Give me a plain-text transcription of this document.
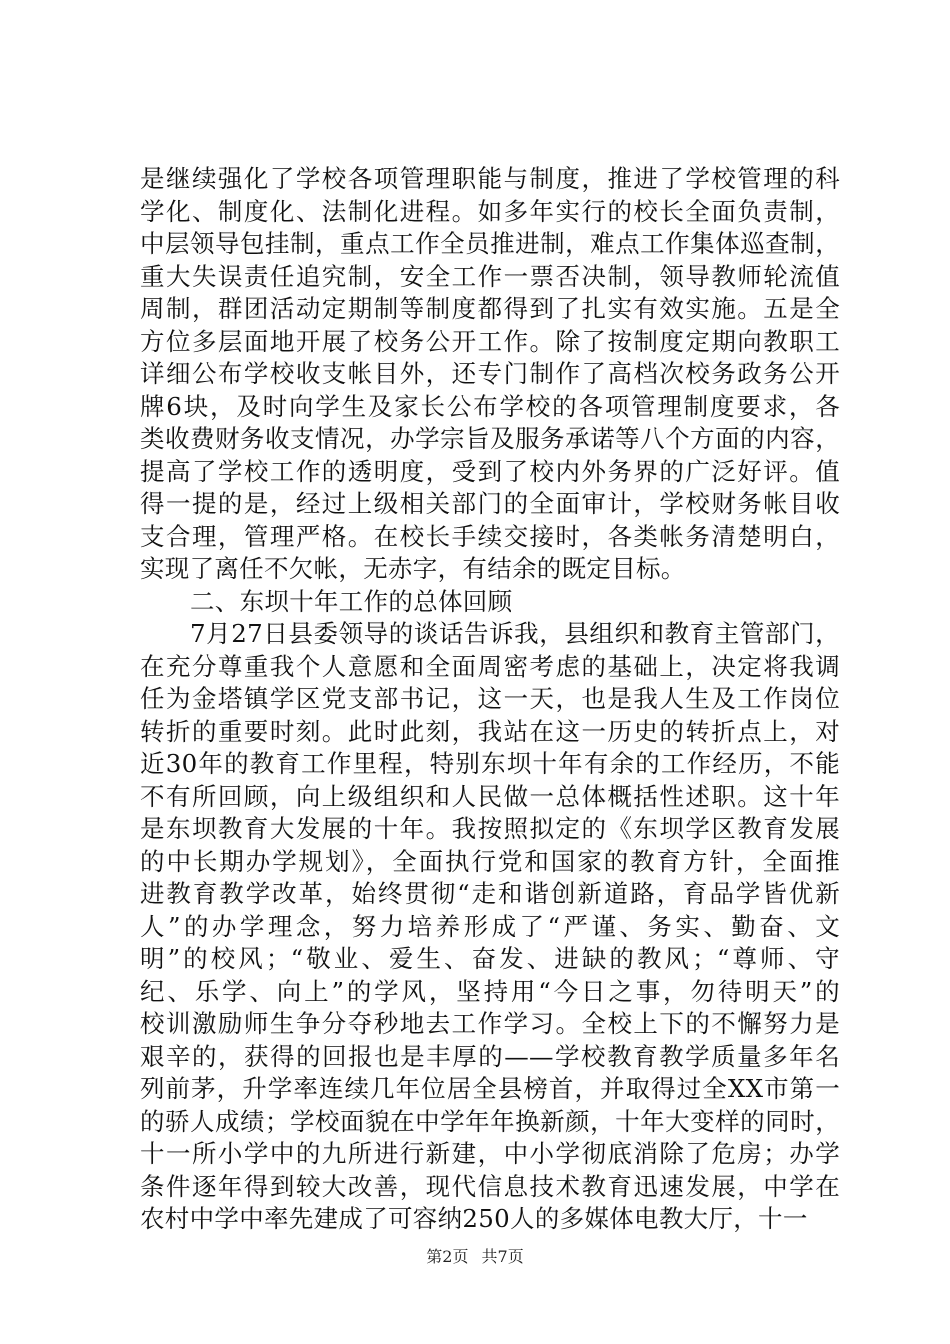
是继续强化了学校各项管理职能与制度，推进了学校管理的科
学化、制度化、法制化进程。如多年实行的校长全面负责制，
中层领导包挂制，重点工作全员推进制，难点工作集体巡查制，
重大失误责任追究制，安全工作一票否决制，领导教师轮流值
周制，群团活动定期制等制度都得到了扎实有效实施。五是全
方位多层面地开展了校务公开工作。除了按制度定期向教职工
详细公布学校收支帐目外，还专门制作了高档次校务政务公开
牌6块，及时向学生及家长公布学校的各项管理制度要求，各
类收费财务收支情况，办学宗旨及服务承诺等八个方面的内容，
提高了学校工作的透明度，受到了校内外务界的广泛好评。值
得一提的是，经过上级相关部门的全面审计，学校财务帐目收
支合理，管理严格。在校长手续交接时，各类帐务清楚明白，
实现了离任不欠帐，无赤字，有结余的既定目标。
二、东坝十年工作的总体回顾
7月27日县委领导的谈话告诉我，县组织和教育主管部门，
在充分尊重我个人意愿和全面周密考虑的基础上，决定将我调
任为金塔镇学区党支部书记，这一天，也是我人生及工作岗位
转折的重要时刻。此时此刻，我站在这一历史的转折点上，对
近30年的教育工作里程，特别东坝十年有余的工作经历，不能
不有所回顾，向上级组织和人民做一总体概括性述职。这十年
是东坝教育大发展的十年。我按照拟定的《东坝学区教育发展
的中长期办学规划》，全面执行党和国家的教育方针，全面推
进教育教学改革，始终贯彻“走和谐创新道路，育品学皆优新
人”的办学理念，努力培养形成了“严谨、务实、勤奋、文
明”的校风；“敬业、爱生、奋发、进缺的教风；“尊师、守
纪、乐学、向上”的学风，坚持用“今日之事，勿待明天”的
校训激励师生争分夺秒地去工作学习。全校上下的不懈努力是
艰辛的，获得的回报也是丰厚的——学校教育教学质量多年名
列前茅，升学率连续几年位居全县榜首，并取得过全XX市第一
的骄人成绩；学校面貌在中学年年换新颜，十年大变样的同时，
十一所小学中的九所进行新建，中小学彻底消除了危房；办学
条件逐年得到较大改善，现代信息技术教育迅速发展，中学在
农村中学中率先建成了可容纳250人的多媒体电教大厅，十一
第2页 共7页
